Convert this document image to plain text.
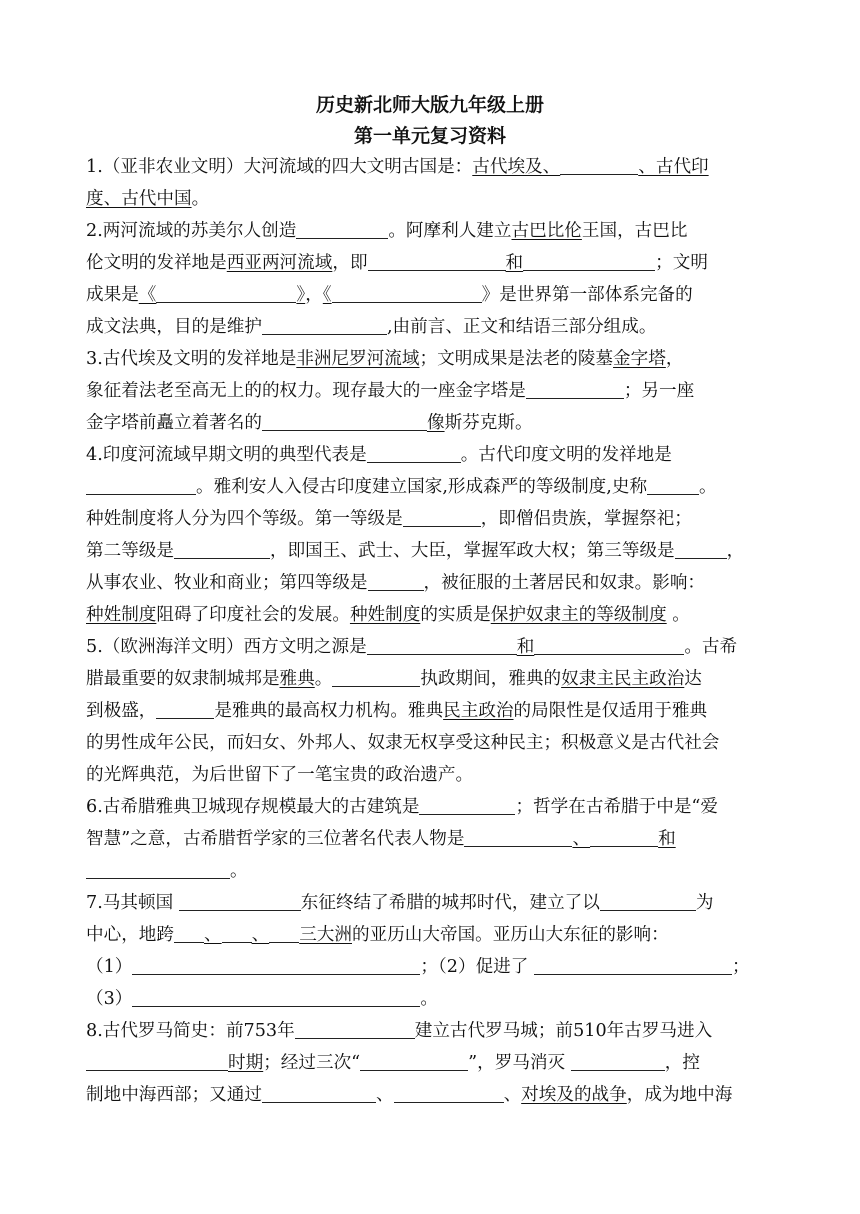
历史新北师大版九年级上册
第一单元复习资料
1.（亚非农业文明）大河流域的四大文明古国是：古代埃及、	、古代印
度、古代中国。
2.两河流域的苏美尔人创造	。阿摩利人建立古巴比伦王国，古巴比
伦文明的发祥地是西亚两河流域，即	和	；文明
成果是《	》，《	》是世界第一部体系完备的
成文法典，目的是维护	,由前言、正文和结语三部分组成。
3.古代埃及文明的发祥地是非洲尼罗河流域；文明成果是法老的陵墓金字塔，
象征着法老至高无上的的权力。现存最大的一座金字塔是	；另一座
金字塔前矗立着著名的	像斯芬克斯。
4.印度河流域早期文明的典型代表是	。古代印度文明的发祥地是
。雅利安人入侵古印度建立国家,形成森严的等级制度,史称	。
种姓制度将人分为四个等级。第一等级是	，即僧侣贵族，掌握祭祀；
第二等级是	，即国王、武士、大臣，掌握军政大权；第三等级是	，
从事农业、牧业和商业；第四等级是	，被征服的土著居民和奴隶。影响：
种姓制度阻碍了印度社会的发展。种姓制度的实质是保护奴隶主的等级制度 。
5.（欧洲海洋文明）西方文明之源是	和	。古希
腊最重要的奴隶制城邦是雅典。	执政期间，雅典的奴隶主民主政治达
到极盛，	是雅典的最高权力机构。雅典民主政治的局限性是仅适用于雅典
的男性成年公民，而妇女、外邦人、奴隶无权享受这种民主；积极意义是古代社会
的光辉典范，为后世留下了一笔宝贵的政治遗产。
6.古希腊雅典卫城现存规模最大的古建筑是	；哲学在古希腊于中是“爱
智慧”之意，古希腊哲学家的三位著名代表人物是	、	和
。
7.马其顿国	东征终结了希腊的城邦时代，建立了以	为
中心，地跨 、 、 三大洲的亚历山大帝国。亚历山大东征的影响：
（1）	；（2）促进了	；
（3）	。
8.古代罗马简史：前753年	建立古代罗马城；前510年古罗马进入
时期；经过三次“	”，罗马消灭	，控
制地中海西部；又通过	、	、对埃及的战争，成为地中海
